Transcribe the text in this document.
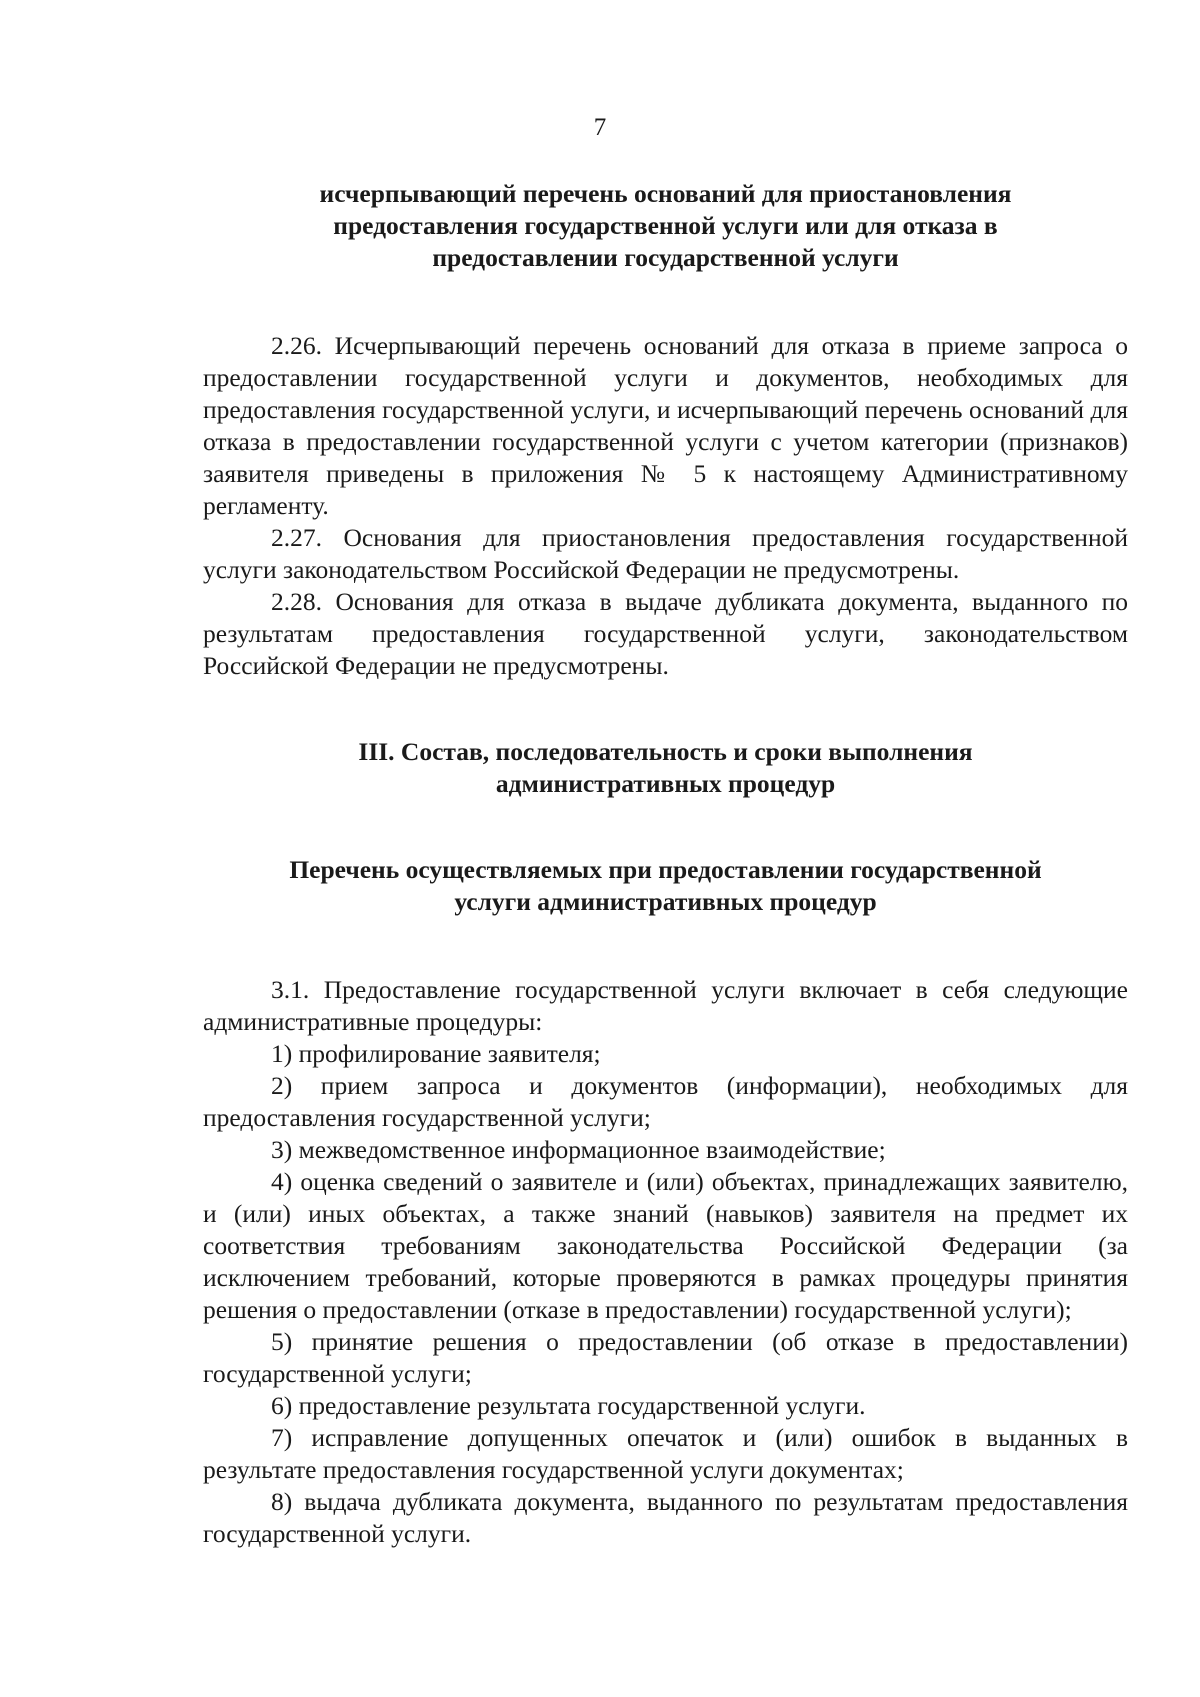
7
исчерпывающий перечень оснований для приостановления
предоставления государственной услуги или для отказа в
предоставлении государственной услуги

2.26. Исчерпывающий перечень оснований для отказа в приеме запроса о предоставлении государственной услуги и документов, необходимых для предоставления государственной услуги, и исчерпывающий перечень оснований для отказа в предоставлении государственной услуги с учетом категории (признаков) заявителя приведены в приложения № 5 к настоящему Административному регламенту.

2.27. Основания для приостановления предоставления государственной услуги законодательством Российской Федерации не предусмотрены.

2.28. Основания для отказа в выдаче дубликата документа, выданного по результатам предоставления государственной услуги, законодательством Российской Федерации не предусмотрены.

III. Состав, последовательность и сроки выполнения
административных процедур
Перечень осуществляемых при предоставлении государственной
услуги административных процедур

3.1. Предоставление государственной услуги включает в себя следующие административные процедуры:

1) профилирование заявителя;

2) прием запроса и документов (информации), необходимых для предоставления государственной услуги;

3) межведомственное информационное взаимодействие;

4) оценка сведений о заявителе и (или) объектах, принадлежащих заявителю, и (или) иных объектах, а также знаний (навыков) заявителя на предмет их соответствия требованиям законодательства Российской Федерации (за исключением требований, которые проверяются в рамках процедуры принятия решения о предоставлении (отказе в предоставлении) государственной услуги);

5) принятие решения о предоставлении (об отказе в предоставлении) государственной услуги;

6) предоставление результата государственной услуги.

7) исправление допущенных опечаток и (или) ошибок в выданных в результате предоставления государственной услуги документах;

8) выдача дубликата документа, выданного по результатам предоставления государственной услуги.
